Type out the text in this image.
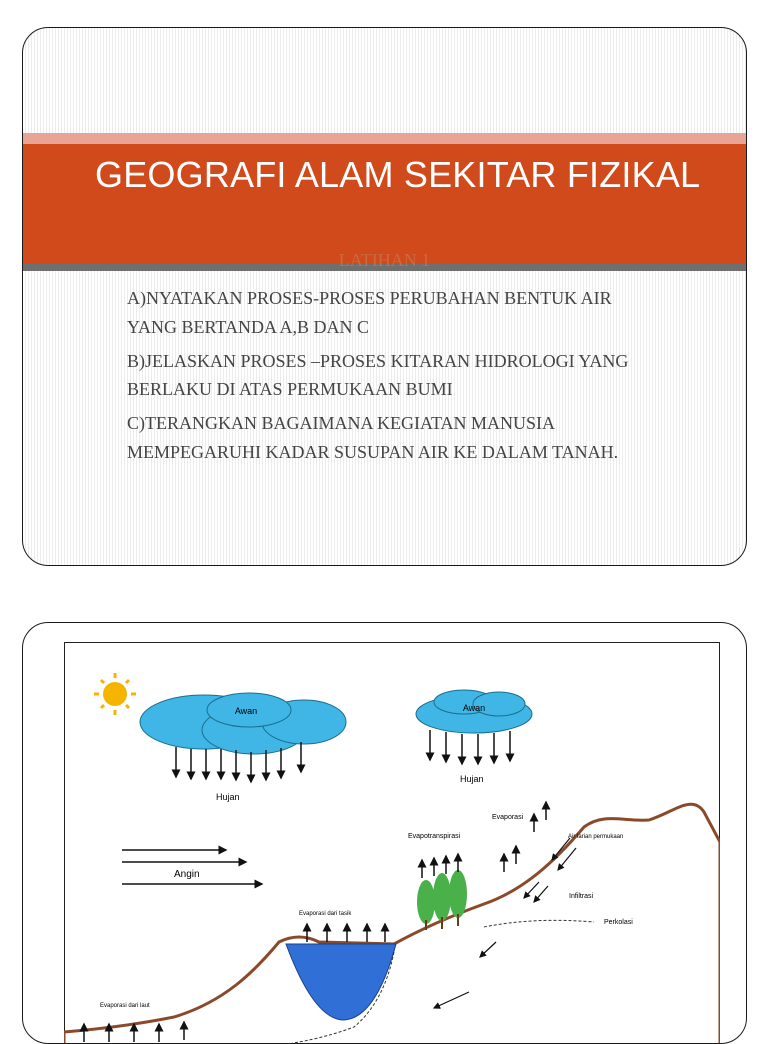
GEOGRAFI ALAM SEKITAR FIZIKAL
LATIHAN 1

A)NYATAKAN PROSES-PROSES PERUBAHAN BENTUK AIR YANG BERTANDA A,B DAN C

B)JELASKAN PROSES –PROSES KITARAN HIDROLOGI YANG BERLAKU DI ATAS PERMUKAAN BUMI

C)TERANGKAN BAGAIMANA KEGIATAN MANUSIA MEMPEGARUHI KADAR SUSUPAN AIR KE DALAM TANAH.

Awan
Hujan
Awan
Hujan
Angin
Evaporasi dari tasik
Evapotranspirasi
Evaporasi
Air larian permukaan
Infiltrasi
Perkolasi
Evaporasi dari laut
